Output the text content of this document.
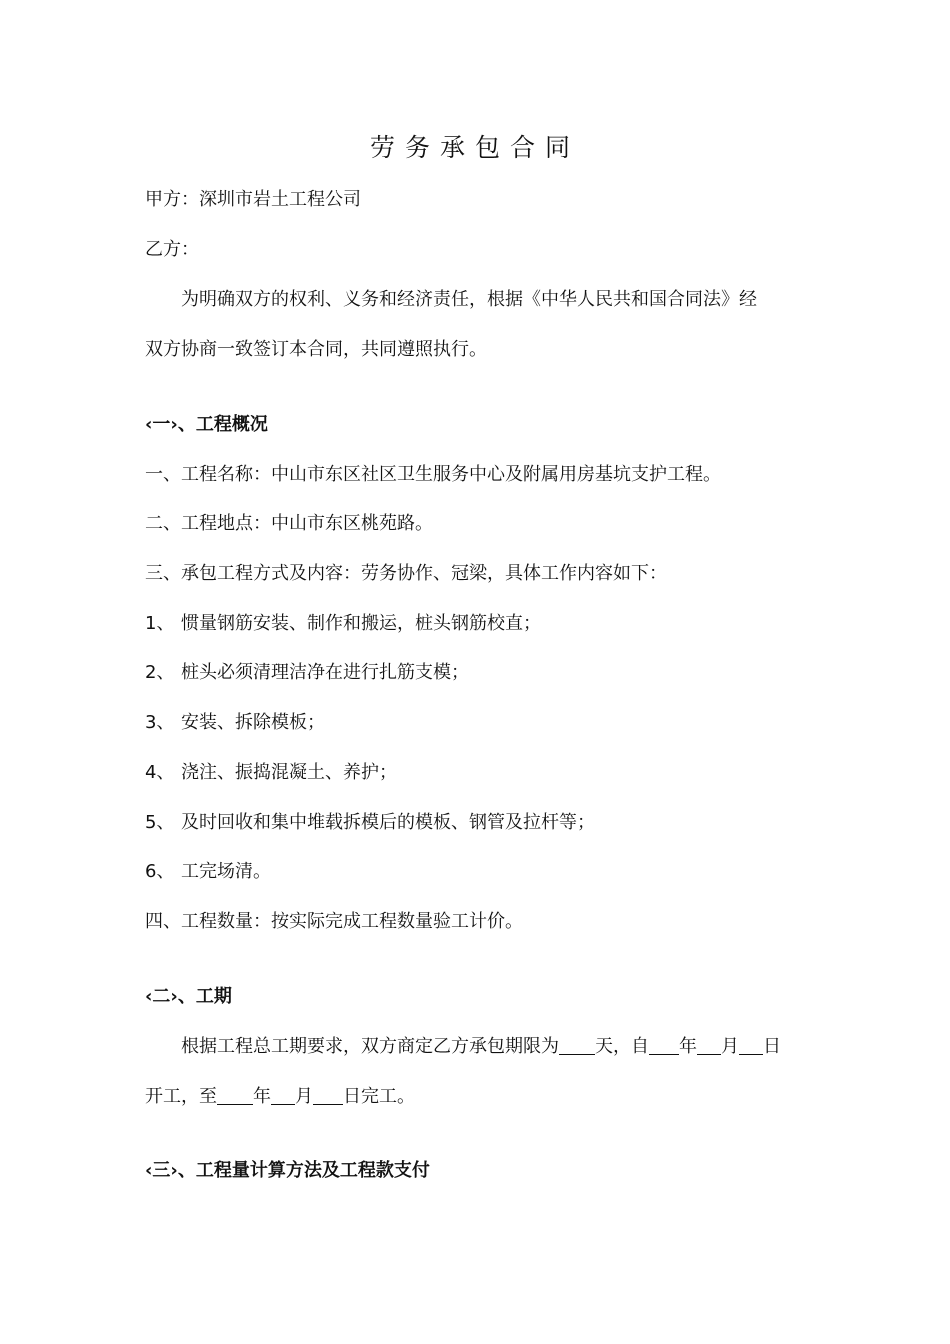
劳务承包合同
甲方：深圳市岩土工程公司
乙方：
为明确双方的权利、义务和经济责任，根据《中华人民共和国合同法》经
双方协商一致签订本合同，共同遵照执行。
‹一›、工程概况
一、工程名称：中山市东区社区卫生服务中心及附属用房基坑支护工程。
二、工程地点：中山市东区桃苑路。
三、承包工程方式及内容：劳务协作、冠梁，具体工作内容如下：
1、 惯量钢筋安装、制作和搬运，桩头钢筋校直；
2、 桩头必须清理洁净在进行扎筋支模；
3、 安装、拆除模板；
4、 浇注、振捣混凝土、养护；
5、 及时回收和集中堆载拆模后的模板、钢管及拉杆等；
6、 工完场清。
四、工程数量：按实际完成工程数量验工计价。
‹二›、工期
根据工程总工期要求，双方商定乙方承包期限为 天，自 年 月 日
开工，至 年 月 日完工。
‹三›、工程量计算方法及工程款支付
